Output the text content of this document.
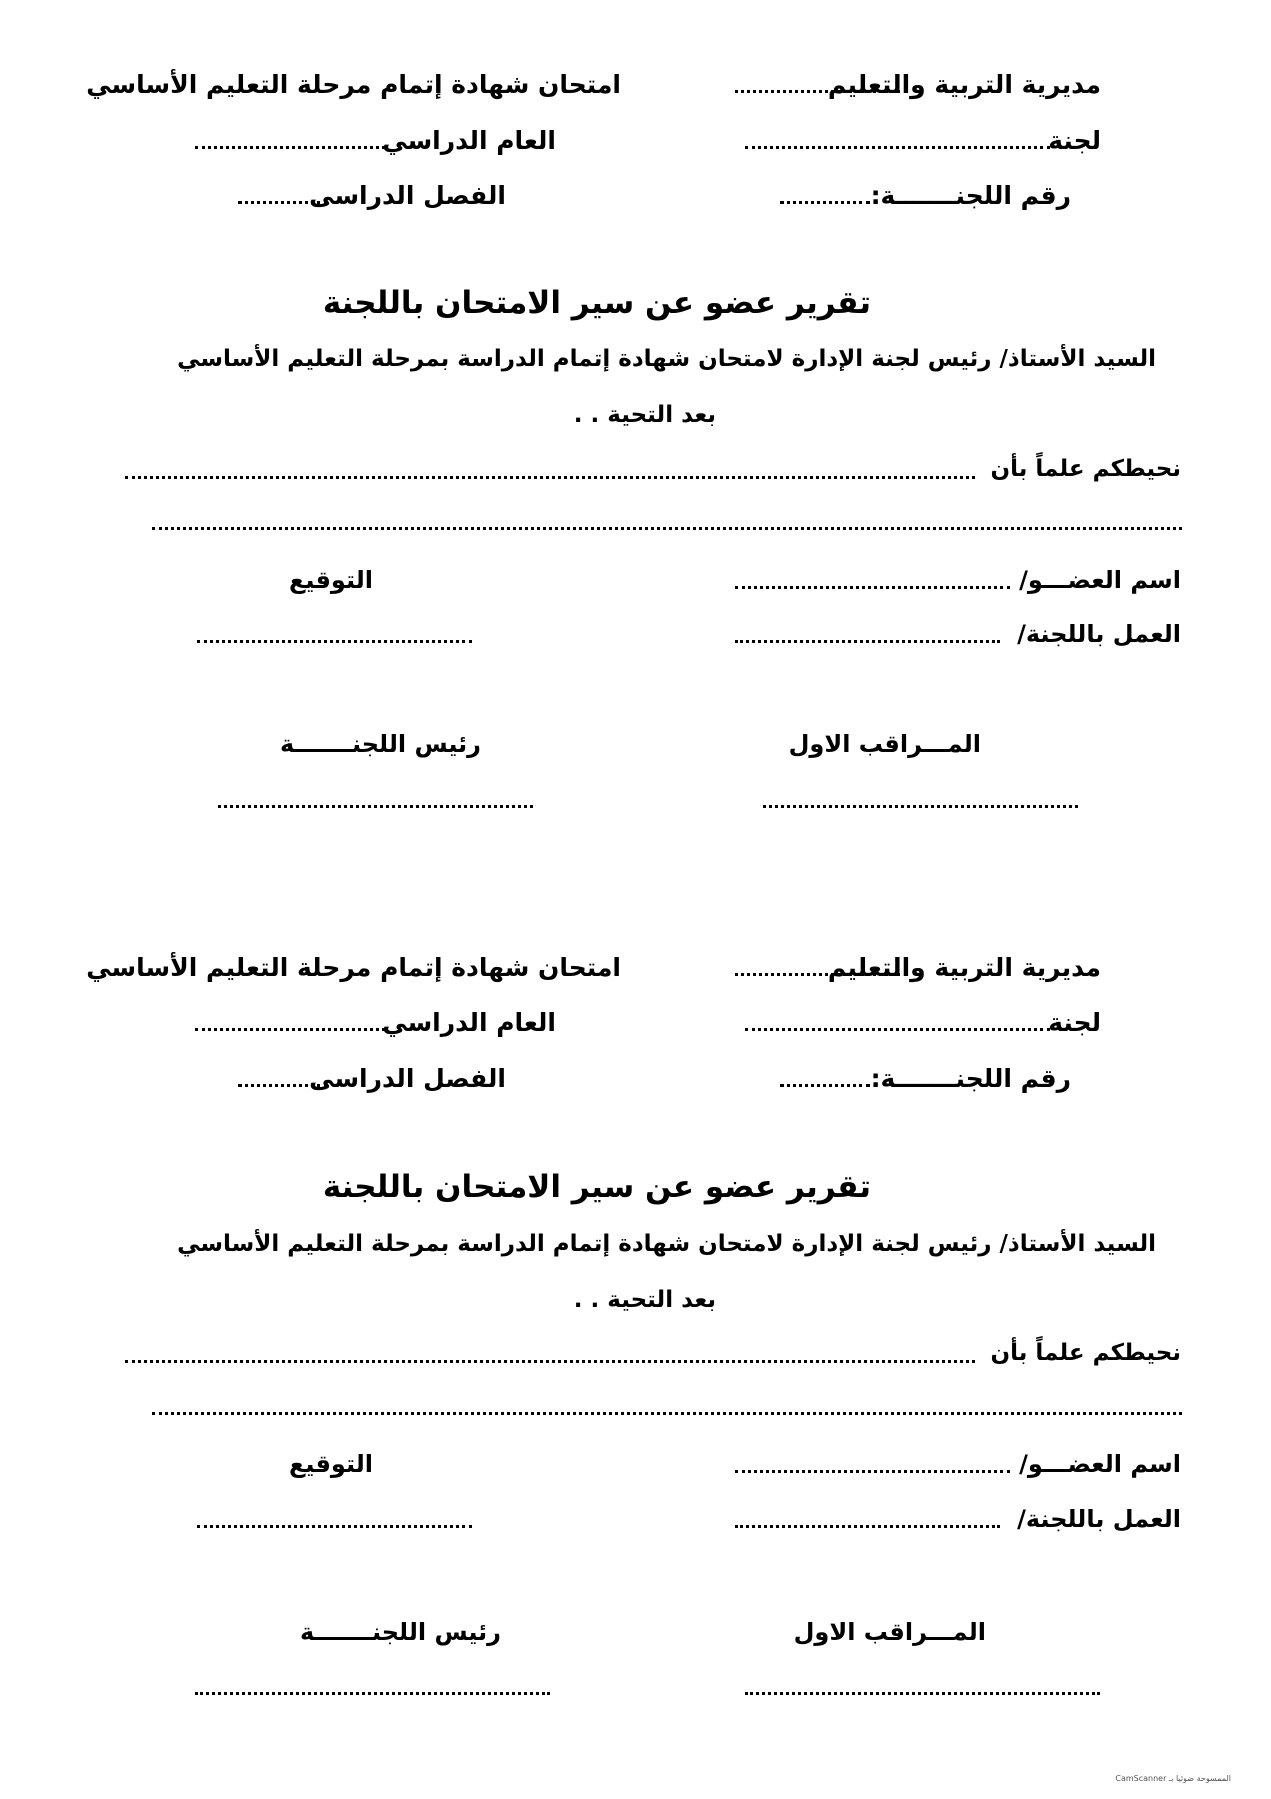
مديرية التربية والتعليم
امتحان شهادة إتمام مرحلة التعليم الأساسي
لجنة
العام الدراسي
رقم اللجنـــــــة:
الفصل الدراسى
تقرير عضو عن سير الامتحان باللجنة
السيد الأستاذ/ رئيس لجنة الإدارة لامتحان شهادة إتمام الدراسة بمرحلة التعليم الأساسي
بعد التحية . .
نحيطكم علماً بأن
اسم العضـــو/
التوقيع
العمل باللجنة/
المـــراقب الاول
رئيس اللجنـــــــة
مديرية التربية والتعليم
امتحان شهادة إتمام مرحلة التعليم الأساسي
لجنة
العام الدراسي
رقم اللجنـــــــة:
الفصل الدراسى
تقرير عضو عن سير الامتحان باللجنة
السيد الأستاذ/ رئيس لجنة الإدارة لامتحان شهادة إتمام الدراسة بمرحلة التعليم الأساسي
بعد التحية . .
نحيطكم علماً بأن
اسم العضـــو/
التوقيع
العمل باللجنة/
المـــراقب الاول
رئيس اللجنـــــــة
الممسوحة ضوئيا بـ CamScanner
